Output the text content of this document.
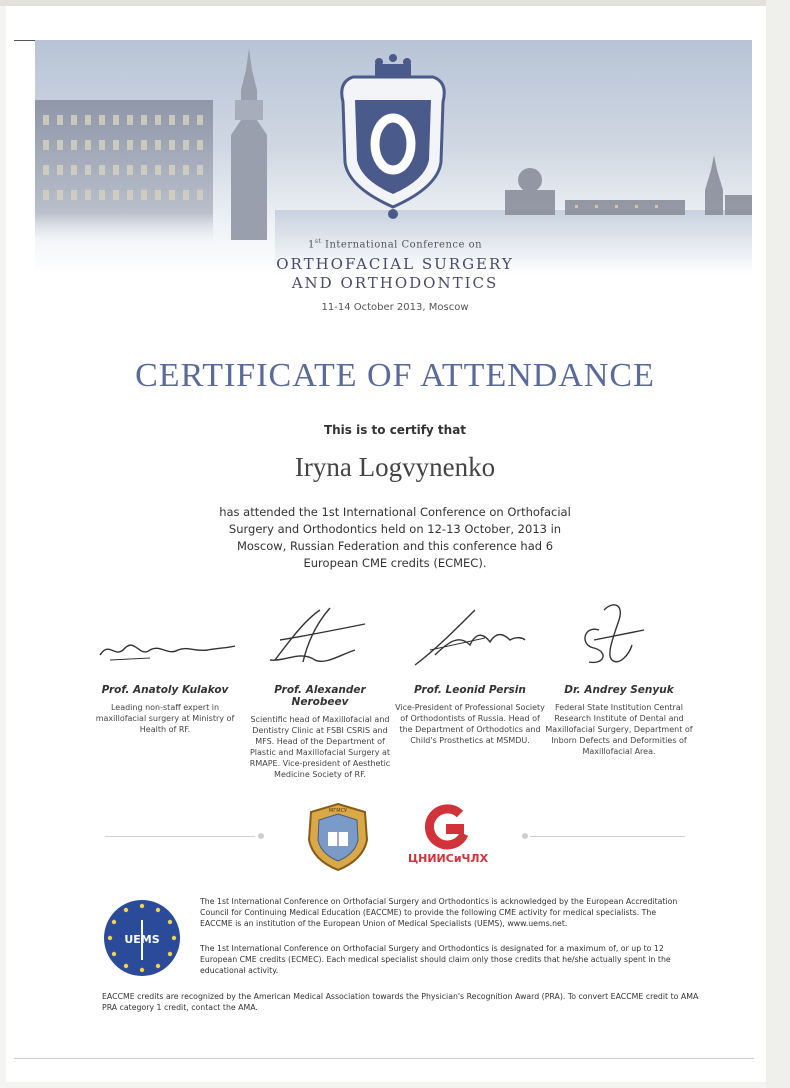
1st International Conference on
ORTHOFACIAL SURGERY
AND ORTHODONTICS
11-14 October 2013, Moscow
CERTIFICATE OF ATTENDANCE
This is to certify that
Iryna Logvynenko
has attended the 1st International Conference on Orthofacial Surgery and Orthodontics held on 12-13 October, 2013 in Moscow, Russian Federation and this conference had 6 European CME credits (ECMEC).
Prof. Anatoly Kulakov
Leading non-staff expert in maxillofacial surgery at Ministry of Health of RF.
Prof. Alexander Nerobeev
Scientific head of Maxillofacial and Dentistry Clinic at FSBI CSRIS and MFS. Head of the Department of Plastic and Maxillofacial Surgery at RMAPE. Vice-president of Aesthetic Medicine Society of RF.
Prof. Leonid Persin
Vice-President of Professional Society of Orthodontists of Russia. Head of the Department of Orthodotics and Child's Prosthetics at MSMDU.
Dr. Andrey Senyuk
Federal State Institution Central Research Institute of Dental and Maxillofacial Surgery, Department of Inborn Defects and Deformities of Maxillofacial Area.
МГМСУ
ЦНИИСиЧЛХ
UEMS
The 1st International Conference on Orthofacial Surgery and Orthodontics is acknowledged by the European Accreditation Council for Continuing Medical Education (EACCME) to provide the following CME activity for medical specialists. The EACCME is an institution of the European Union of Medical Specialists (UEMS), www.uems.net.
The 1st International Conference on Orthofacial Surgery and Orthodontics is designated for a maximum of, or up to 12 European CME credits (ECMEC). Each medical specialist should claim only those credits that he/she actually spent in the educational activity.
EACCME credits are recognized by the American Medical Association towards the Physician's Recognition Award (PRA). To convert EACCME credit to AMA PRA category 1 credit, contact the AMA.
